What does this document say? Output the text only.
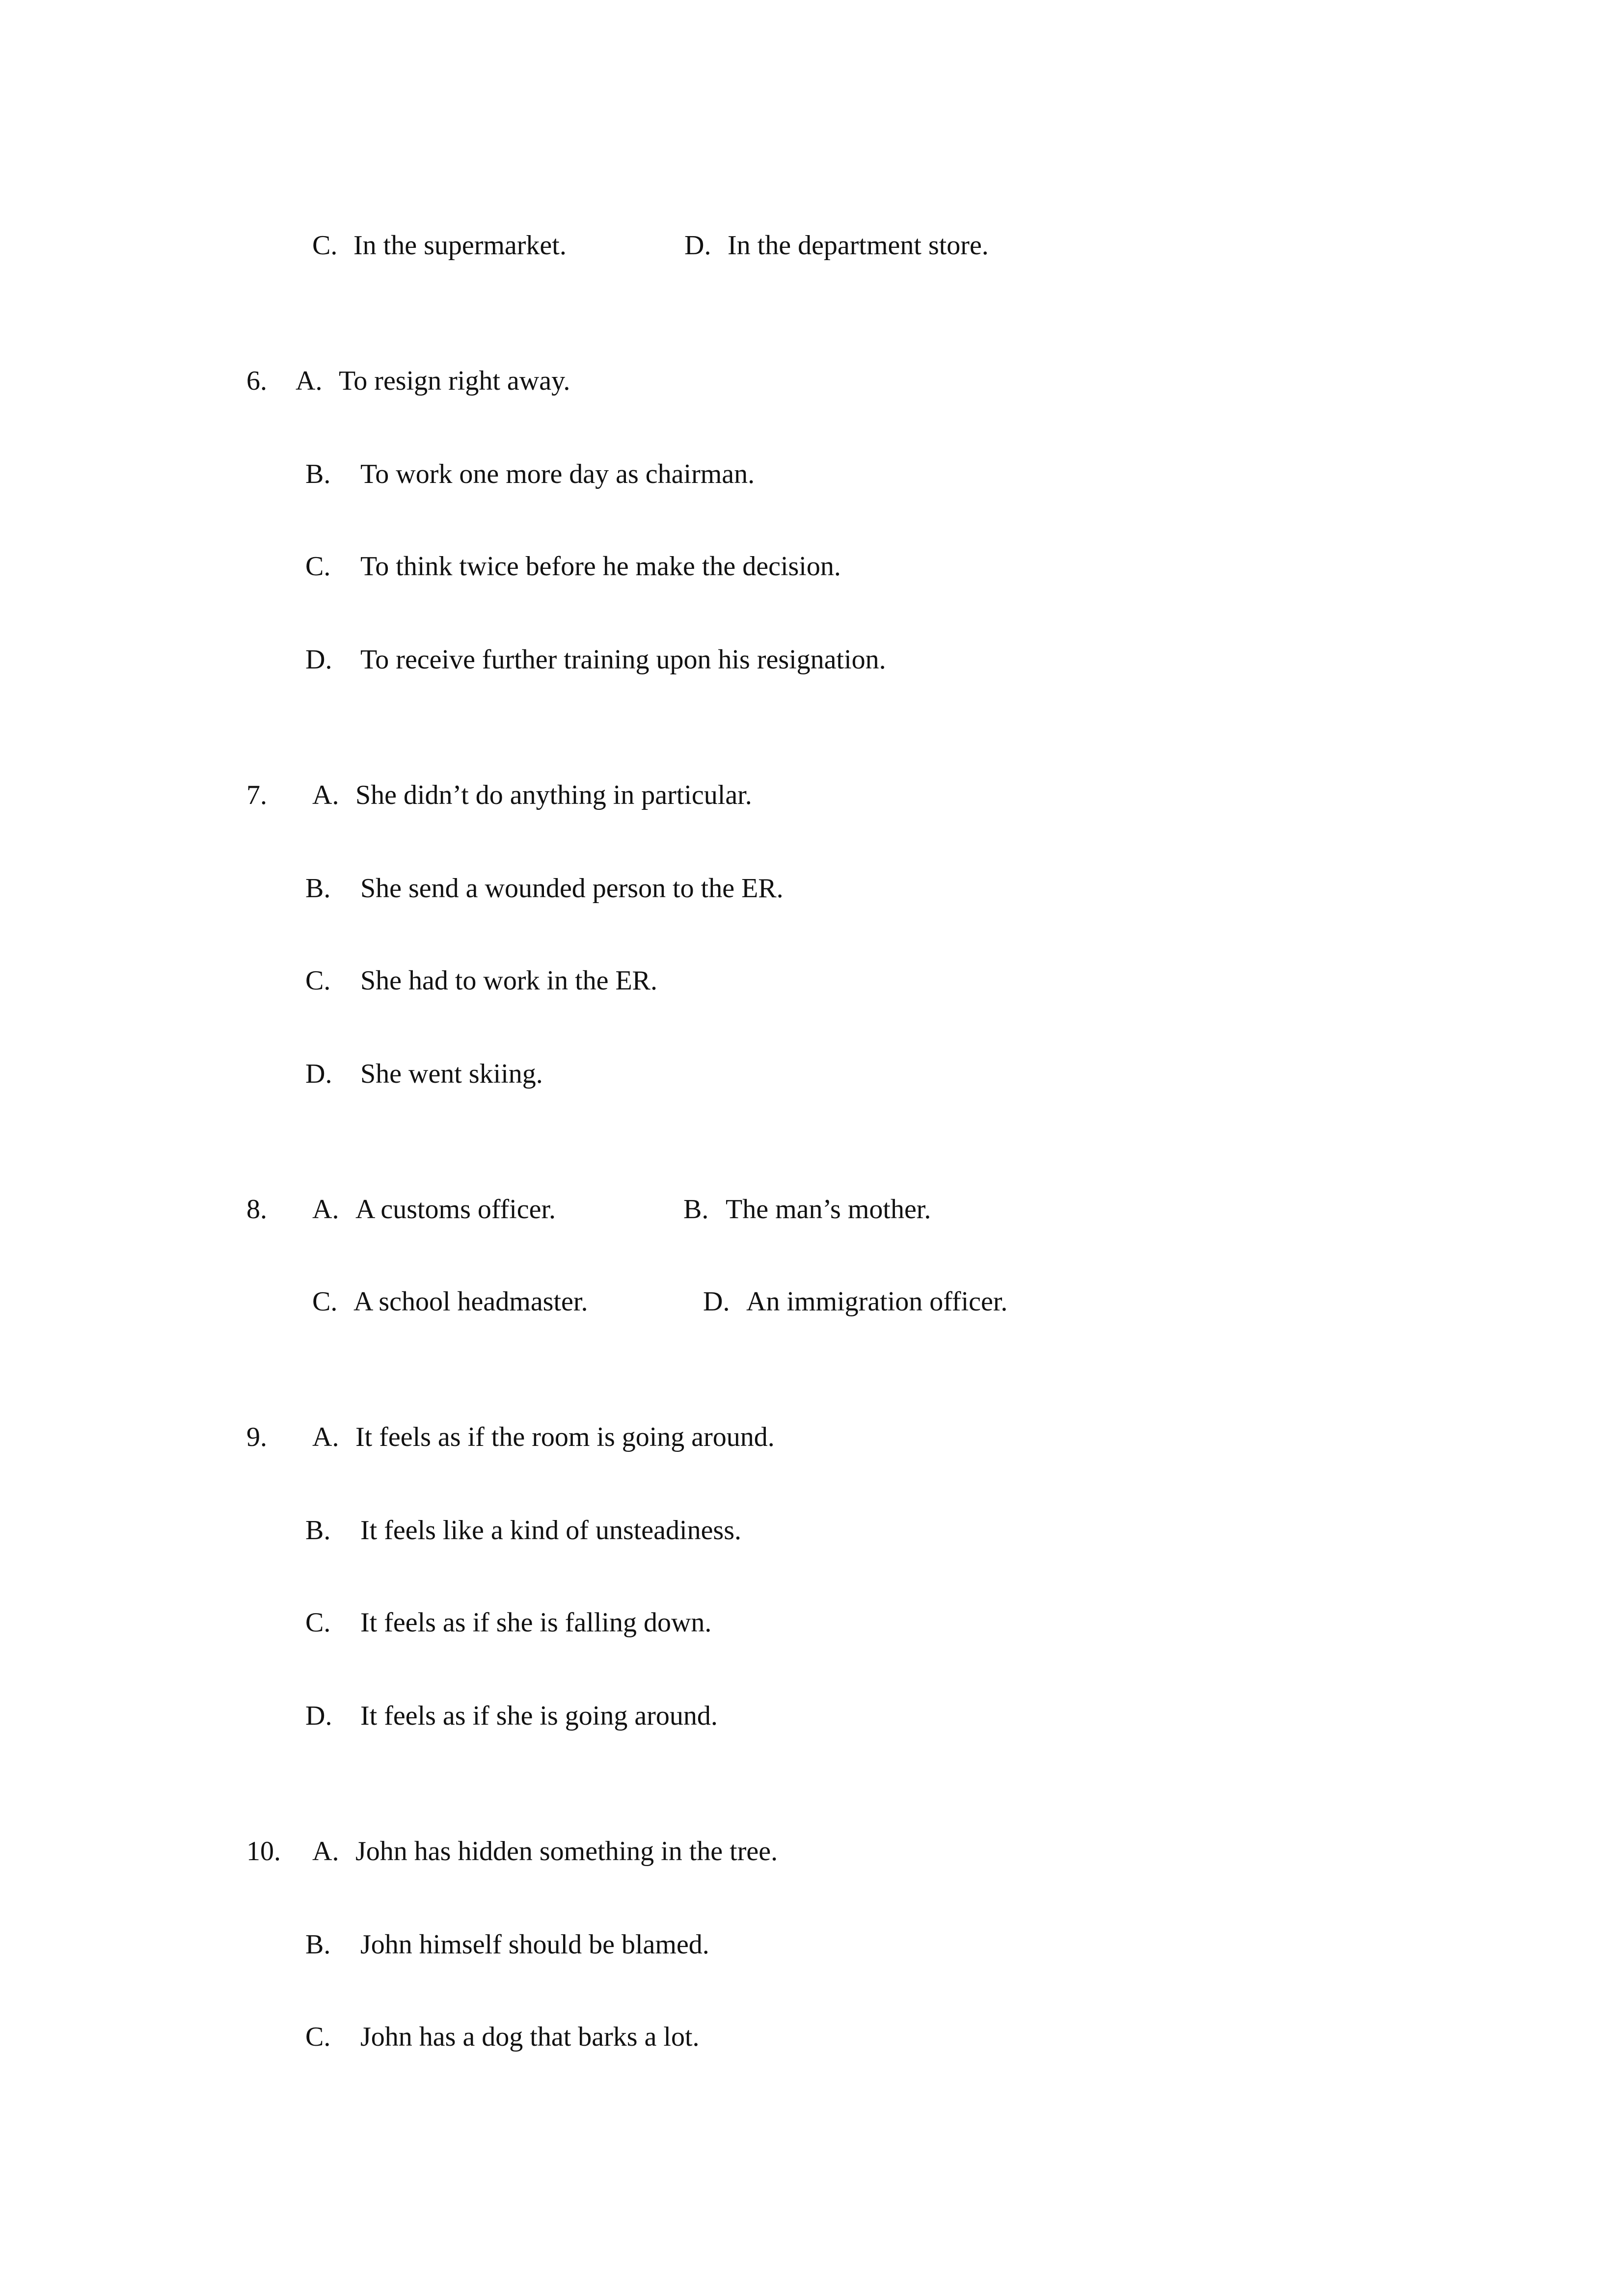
C. In the supermarket.	D. In the department store.
6. A. To resign right away.
B. To work one more day as chairman.
C. To think twice before he make the decision.
D. To receive further training upon his resignation.
7. A. She didn’t do anything in particular.
B. She send a wounded person to the ER.
C. She had to work in the ER.
D. She went skiing.
8. A. A customs officer.	B. The man’s mother.
C. A school headmaster.	D. An immigration officer.
9. A. It feels as if the room is going around.
B. It feels like a kind of unsteadiness.
C. It feels as if she is falling down.
D. It feels as if she is going around.
10. A. John has hidden something in the tree.
B. John himself should be blamed.
C. John has a dog that barks a lot.
